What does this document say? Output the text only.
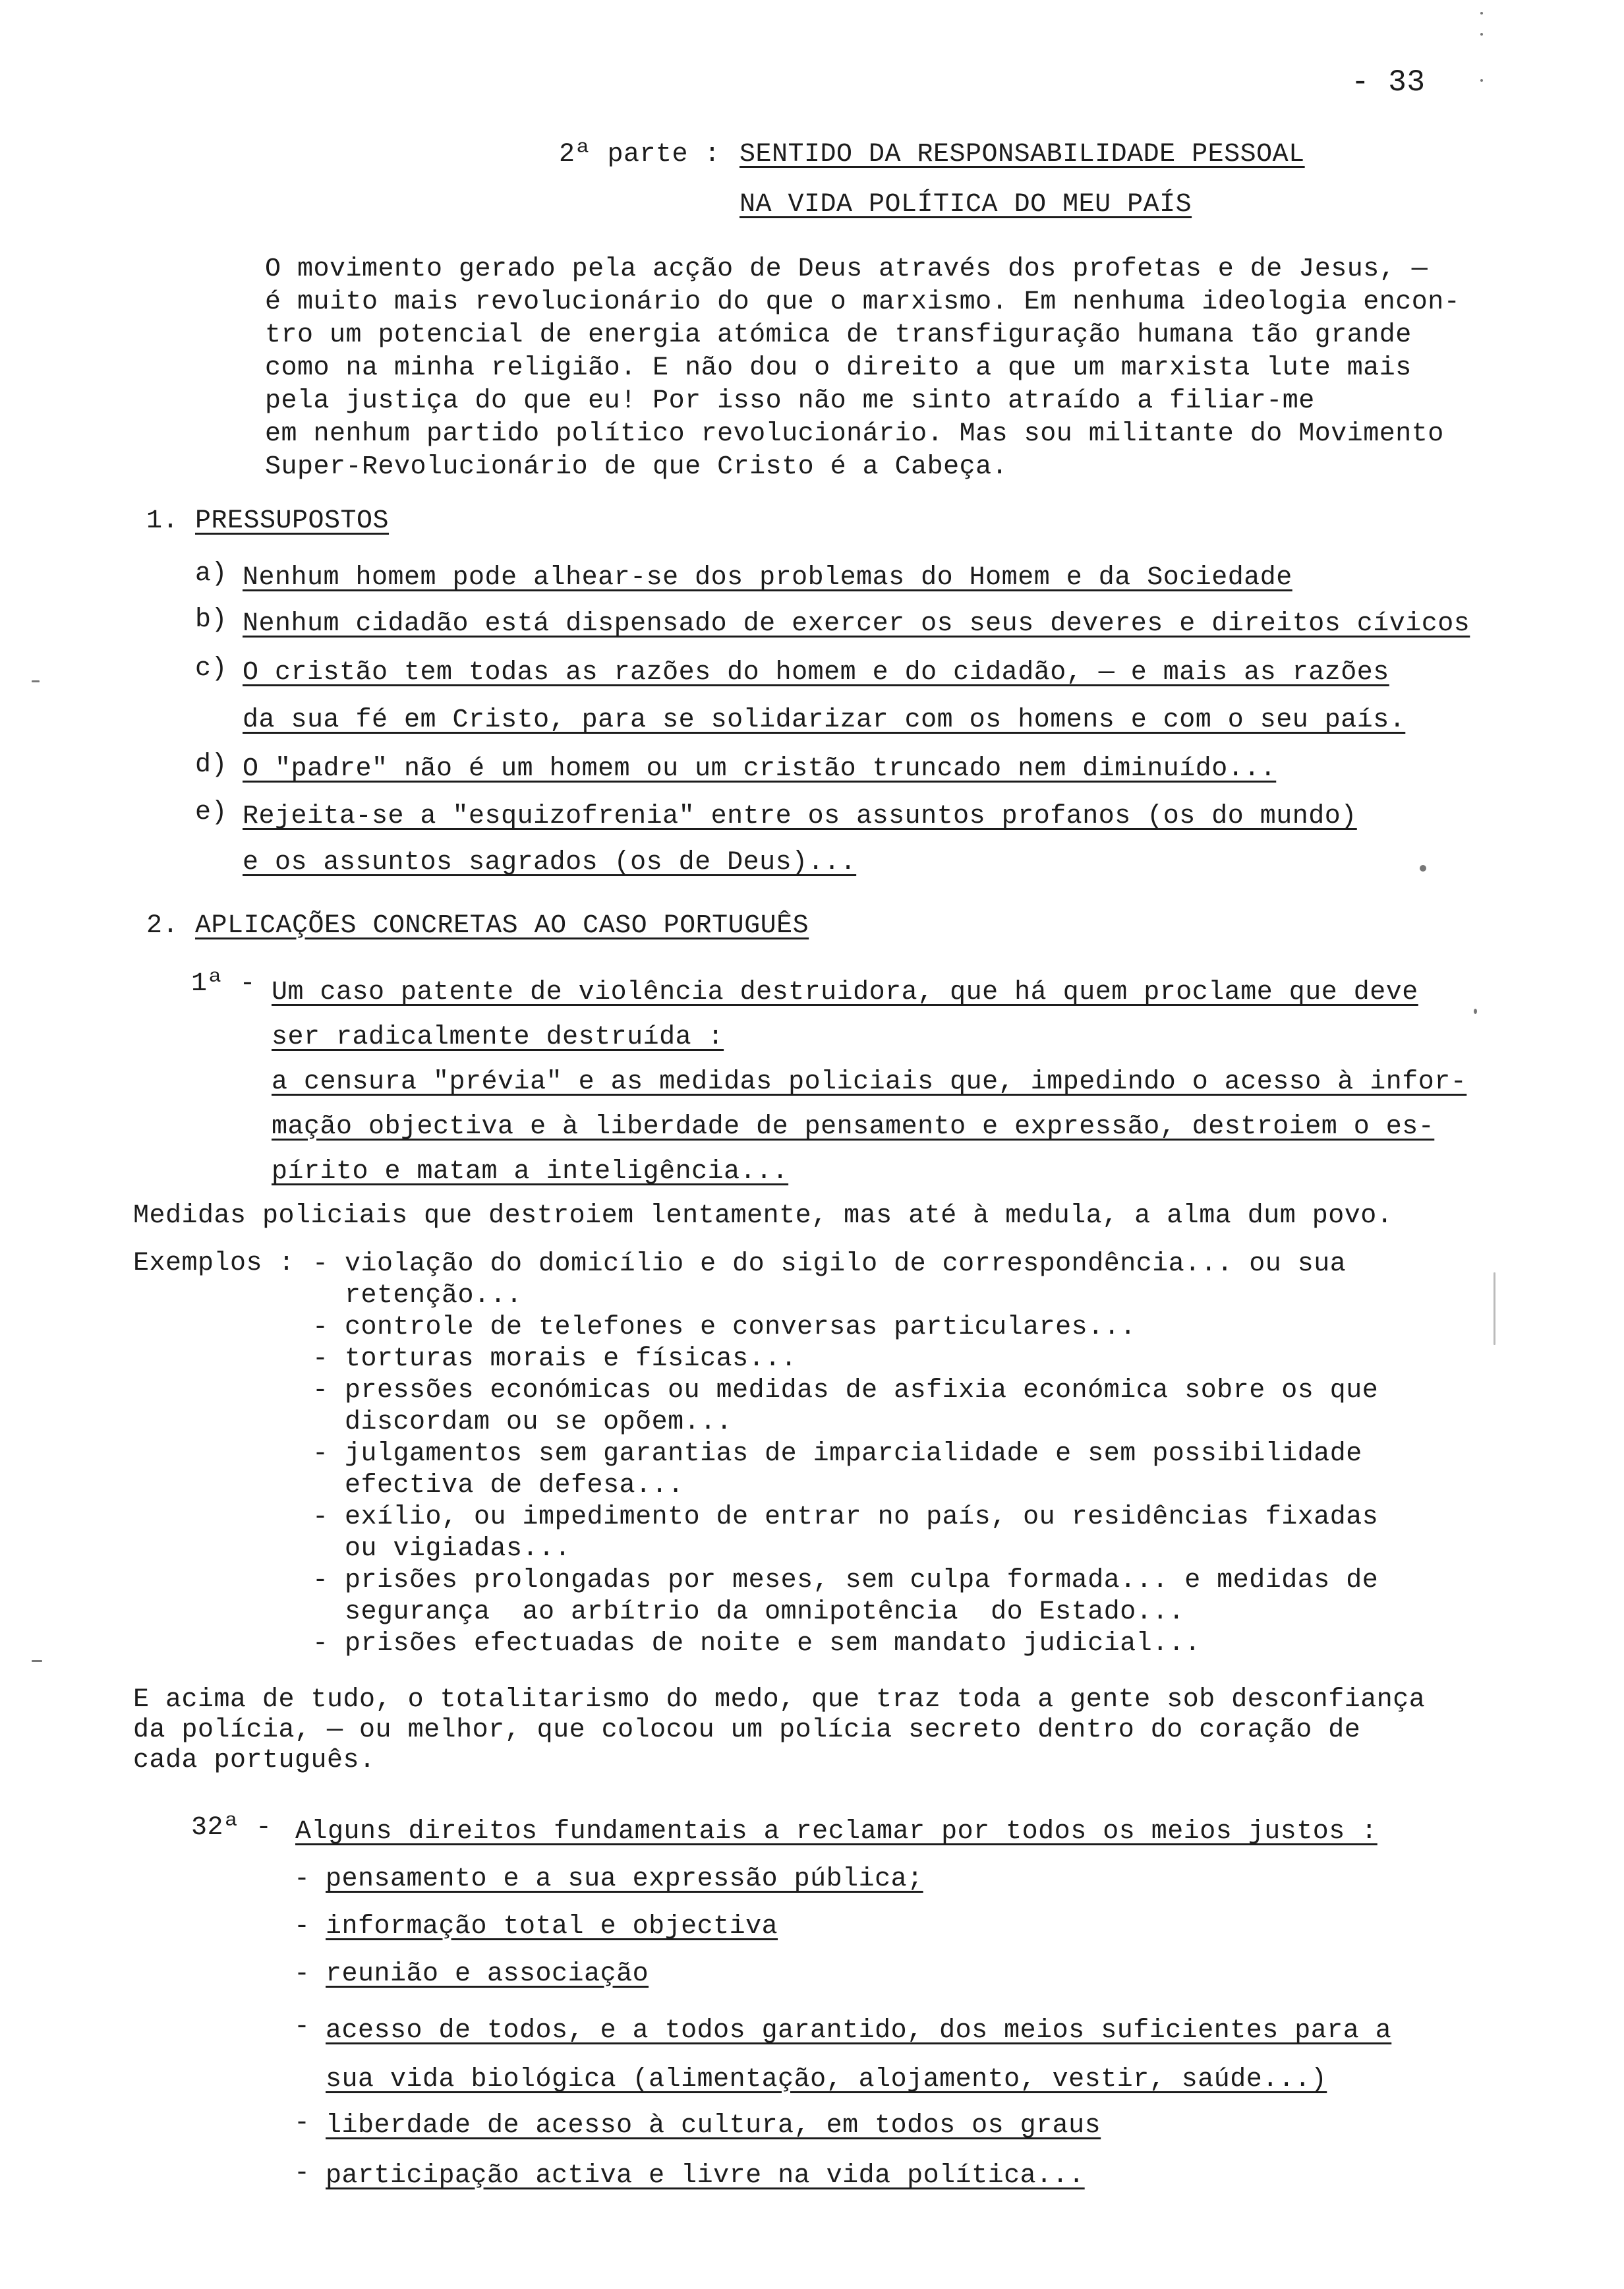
- 33
2ª parte : SENTIDO DA RESPONSABILIDADE PESSOAL
NA VIDA POLÍTICA DO MEU PAÍS
O movimento gerado pela acção de Deus através dos profetas e de Jesus, —
é muito mais revolucionário do que o marxismo. Em nenhuma ideologia encon-
tro um potencial de energia atómica de transfiguração humana tão grande
como na minha religião. E não dou o direito a que um marxista lute mais
pela justiça do que eu! Por isso não me sinto atraído a filiar-me
em nenhum partido político revolucionário. Mas sou militante do Movimento
Super-Revolucionário de que Cristo é a Cabeça.
1. PRESSUPOSTOS
a) Nenhum homem pode alhear-se dos problemas do Homem e da Sociedade
b) Nenhum cidadão está dispensado de exercer os seus deveres e direitos cívicos
c) O cristão tem todas as razões do homem e do cidadão, — e mais as razões
da sua fé em Cristo, para se solidarizar com os homens e com o seu país.
d) O "padre" não é um homem ou um cristão truncado nem diminuído...
e) Rejeita-se a "esquizofrenia" entre os assuntos profanos (os do mundo)
e os assuntos sagrados (os de Deus)...
2. APLICAÇÕES CONCRETAS AO CASO PORTUGUÊS
1ª - Um caso patente de violência destruidora, que há quem proclame que deve
ser radicalmente destruída :
a censura "prévia" e as medidas policiais que, impedindo o acesso à infor-
mação objectiva e à liberdade de pensamento e expressão, destroiem o es-
pírito e matam a inteligência...
Medidas policiais que destroiem lentamente, mas até à medula, a alma dum povo.
Exemplos : - violação do domicílio e do sigilo de correspondência... ou sua
retenção...
- controle de telefones e conversas particulares...
- torturas morais e físicas...
- pressões económicas ou medidas de asfixia económica sobre os que
discordam ou se opõem...
- julgamentos sem garantias de imparcialidade e sem possibilidade
efectiva de defesa...
- exílio, ou impedimento de entrar no país, ou residências fixadas
ou vigiadas...
- prisões prolongadas por meses, sem culpa formada... e medidas de
segurança  ao arbítrio da omnipotência  do Estado...
- prisões efectuadas de noite e sem mandato judicial...
E acima de tudo, o totalitarismo do medo, que traz toda a gente sob desconfiança
da polícia, — ou melhor, que colocou um polícia secreto dentro do coração de
cada português.
32ª - Alguns direitos fundamentais a reclamar por todos os meios justos :
- pensamento e a sua expressão pública;
- informação total e objectiva
- reunião e associação
- acesso de todos, e a todos garantido, dos meios suficientes para a
sua vida biológica (alimentação, alojamento, vestir, saúde...)
- liberdade de acesso à cultura, em todos os graus
- participação activa e livre na vida política...
